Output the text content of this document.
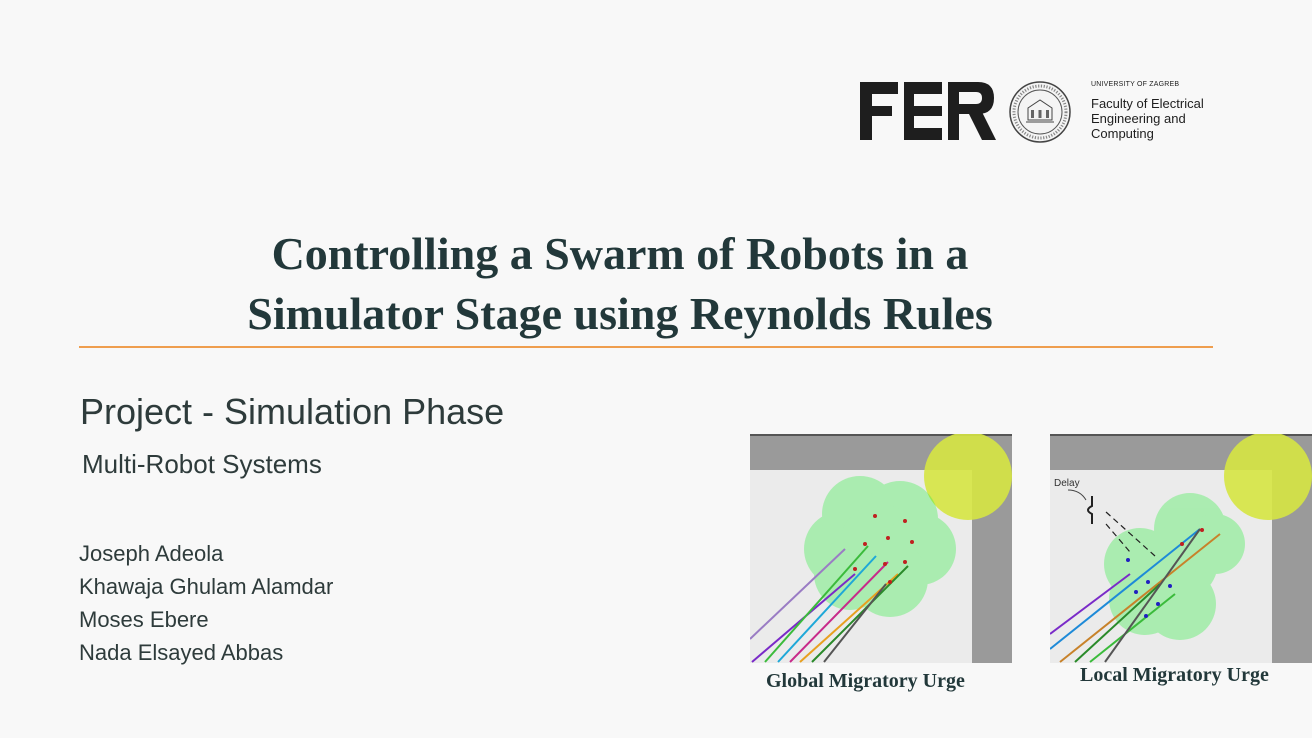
UNIVERSITY OF ZAGREB
Faculty of Electrical
Engineering and
Computing
Controlling a Swarm of Robots in a
Simulator Stage using Reynolds Rules
Project - Simulation Phase
Multi-Robot Systems
Joseph Adeola
Khawaja Ghulam Alamdar
Moses Ebere
Nada Elsayed Abbas
Delay
Global Migratory Urge	Local Migratory Urge
